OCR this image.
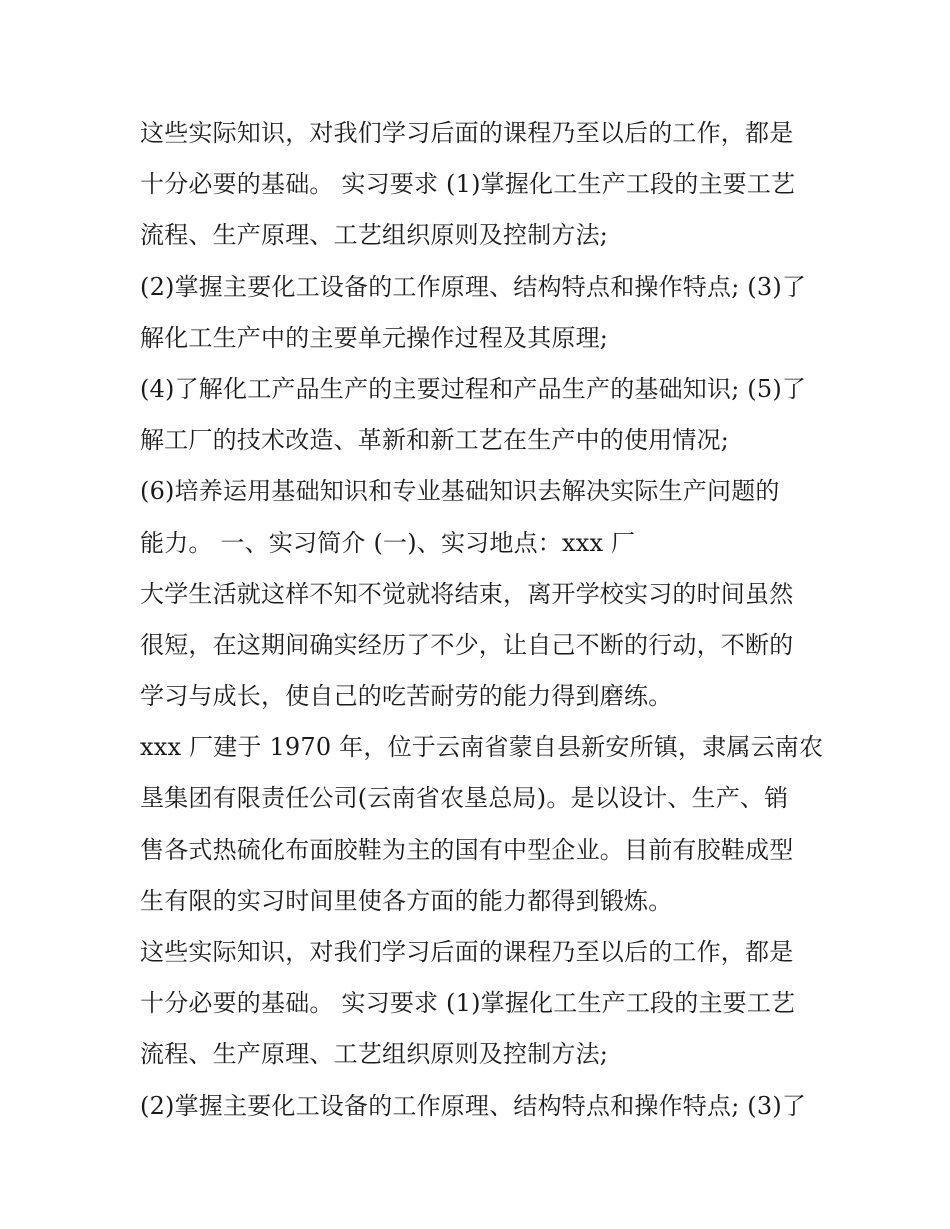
这些实际知识，对我们学习后面的课程乃至以后的工作，都是
十分必要的基础。 实习要求 (1)掌握化工生产工段的主要工艺
流程、生产原理、工艺组织原则及控制方法;
(2)掌握主要化工设备的工作原理、结构特点和操作特点; (3)了
解化工生产中的主要单元操作过程及其原理;
(4)了解化工产品生产的主要过程和产品生产的基础知识; (5)了
解工厂的技术改造、革新和新工艺在生产中的使用情况;
(6)培养运用基础知识和专业基础知识去解决实际生产问题的
能力。 一、实习简介 (一)、实习地点：xxx 厂
大学生活就这样不知不觉就将结束，离开学校实习的时间虽然
很短，在这期间确实经历了不少，让自己不断的行动，不断的
学习与成长，使自己的吃苦耐劳的能力得到磨练。
xxx 厂建于 1970 年，位于云南省蒙自县新安所镇，隶属云南农
垦集团有限责任公司(云南省农垦总局)。是以设计、生产、销
售各式热硫化布面胶鞋为主的国有中型企业。目前有胶鞋成型
生有限的实习时间里使各方面的能力都得到锻炼。
这些实际知识，对我们学习后面的课程乃至以后的工作，都是
十分必要的基础。 实习要求 (1)掌握化工生产工段的主要工艺
流程、生产原理、工艺组织原则及控制方法;
(2)掌握主要化工设备的工作原理、结构特点和操作特点; (3)了
